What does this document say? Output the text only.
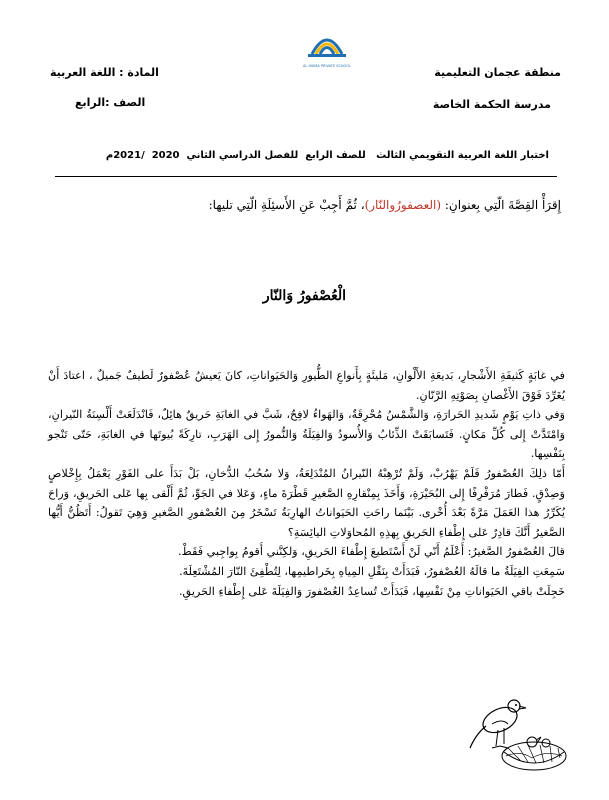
منطقة عجمان التعليمية
مدرسة الحكمة الخاصة
المادة : اللغة العربية
الصف :الرابع
AL HIKMA PRIVATE SCHOOL
اختبار اللغة العربية التقويمي الثالث   للصف الرابع  للفصل الدراسي الثاني  2020  /2021م
إِقرَأْ القِصَّةَ الّتِي بِعنوانِ: (العصفورُوالنّار)، ثُمَّ أَجِبْ عَنِ الأَسئِلَةِ الّتِي تليها:
الْعُصْفورُ وَالنّار

في غابَةٍ كَثيفَةِ الأَشْجارِ، بَديعَةِ الأَلْوانِ، مَليئَةٍ بِأَنواعِ الطُّيورِ وَالحَيَواناتِ، كانَ يَعيشُ عُصْفورٌ لَطيفٌ جَميلٌ ، اعتادَ أَنْ يُغَرِّدَ فَوْقَ الأَغْصانِ بِصَوْتِهِ الرَّنّانِ.

وَفي ذاتِ يَوْمٍ شَديدِ الحَرارَةِ، وَالشَّمْسُ مُحْرِقَةٌ، وَالهَواءُ لافِحٌ، شَبَّ في الغابَةِ حَريقٌ هائِلٌ، فَانْدَلَعَتْ أَلْسِنَةُ النّيرانِ، وَامْتَدَّتْ إِلى كُلِّ مَكانٍ. فَتَسابَقَتْ الذِّئابُ وَالأُسودُ وَالفِيَلَةُ وَالنُّمورُ إِلى الهَرَبِ، تارِكَةً بُيوتَها في الغابَةِ، حَتّى تَنْجو بِنَفْسِها.

أَمّا ذلِكَ العُصْفورُ فَلَمْ يَهْرُبْ، وَلَمْ تُرْهِبْهُ النّيرانُ المُنْدَلِعَةُ، وَلا سُحُبُ الدُّخانِ، بَلْ بَدَأَ على الفَوْرِ يَعْمَلُ بِإِخْلاصٍ وَصِدْقٍ. فَطارَ مُرَفْرِفًا إِلى البُحَيْرَةِ، وَأَخَذَ بِمِنْقارِهِ الصَّغيرِ قَطْرَةَ ماءٍ، وَعَلا في الجَوِّ، ثُمَّ أَلْقى بِها عَلى الحَريقِ، وَراحَ يُكَرِّرُ هذا العَمَلَ مَرَّةً بَعْدَ أُخْرى. بَيْنَما راحَتِ الحَيَواناتُ الهارِبَةُ تَسْخَرُ مِنَ العُصْفورِ الصَّغيرِ وَهِيَ تَقولُ: أَتَظُنُّ أَيُّها الصَّغيرُ أَنَّكَ قادِرٌ عَلى إِطْفاءِ الحَريقِ بِهذِهِ المُحاوَلاتِ اليائِسَةِ؟

قالَ العُصْفورُ الصَّغيرُ: أَعْلَمُ أَنّي لَنْ أَسْتَطيعَ إِطْفاءَ الحَريقِ، وَلكِنَّني أَقومُ بِواجِبي فَقَطْ.

سَمِعَتِ الفِيَلَةُ ما قالَهُ العُصْفورُ، فَبَدَأَتْ بِنَقْلِ المِياهِ بِخَراطيمِها، لِتُطْفِئَ النّارَ المُشْتَعِلَةَ.

خَجِلَتْ باقي الحَيَواناتِ مِنْ نَفْسِها، فَبَدَأَتْ تُساعِدُ العُصْفورَ وَالفِيَلَةَ عَلى إِطْفاءِ الحَريقِ.
